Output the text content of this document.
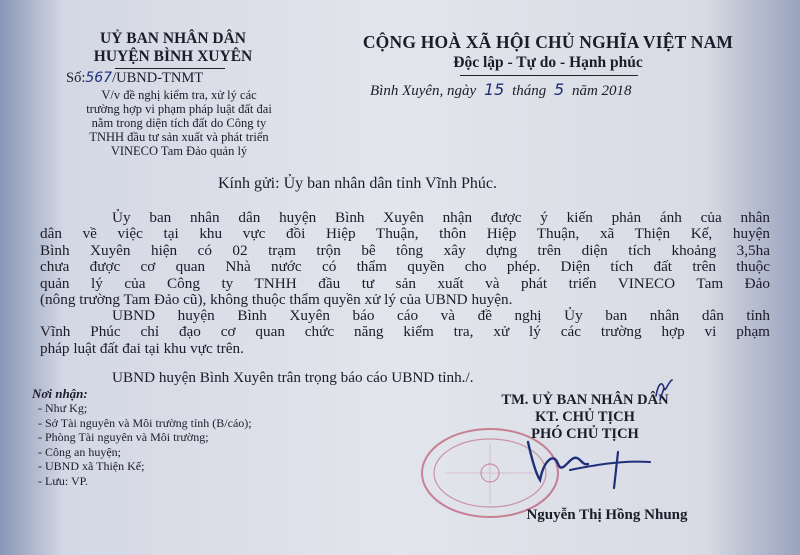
UỶ BAN NHÂN DÂN
HUYỆN BÌNH XUYÊN
Số:567/UBND-TNMT
V/v đề nghị kiểm tra, xử lý các
trường hợp vi phạm pháp luật đất đai
nằm trong diện tích đất do Công ty
TNHH đầu tư sản xuất và phát triển
VINECO Tam Đảo quản lý
CỘNG HOÀ XÃ HỘI CHỦ NGHĨA VIỆT NAM
Độc lập - Tự do - Hạnh phúc
Bình Xuyên, ngày 15 tháng 5 năm 2018
Kính gửi: Ủy ban nhân dân tỉnh Vĩnh Phúc.
Ủy ban nhân dân huyện Bình Xuyên nhận được ý kiến phản ánh của nhân
dân về việc tại khu vực đồi Hiệp Thuận, thôn Hiệp Thuận, xã Thiện Kế, huyện
Bình Xuyên hiện có 02 trạm trộn bê tông xây dựng trên diện tích khoảng 3,5ha
chưa được cơ quan Nhà nước có thẩm quyền cho phép. Diện tích đất trên thuộc
quản lý của Công ty TNHH đầu tư sản xuất và phát triển VINECO Tam Đảo
(nông trường Tam Đảo cũ), không thuộc thẩm quyền xử lý của UBND huyện.
UBND huyện Bình Xuyên báo cáo và đề nghị Ủy ban nhân dân tỉnh
Vĩnh Phúc chỉ đạo cơ quan chức năng kiểm tra, xử lý các trường hợp vi phạm
pháp luật đất đai tại khu vực trên.
UBND huyện Bình Xuyên trân trọng báo cáo UBND tỉnh./.
Nơi nhận:
- Như Kg;
- Sở Tài nguyên và Môi trường tỉnh (B/cáo);
- Phòng Tài nguyên và Môi trường;
- Công an huyện;
- UBND xã Thiện Kế;
- Lưu: VP.
TM. UỶ BAN NHÂN DÂN
KT. CHỦ TỊCH
PHÓ CHỦ TỊCH
Nguyễn Thị Hồng Nhung
